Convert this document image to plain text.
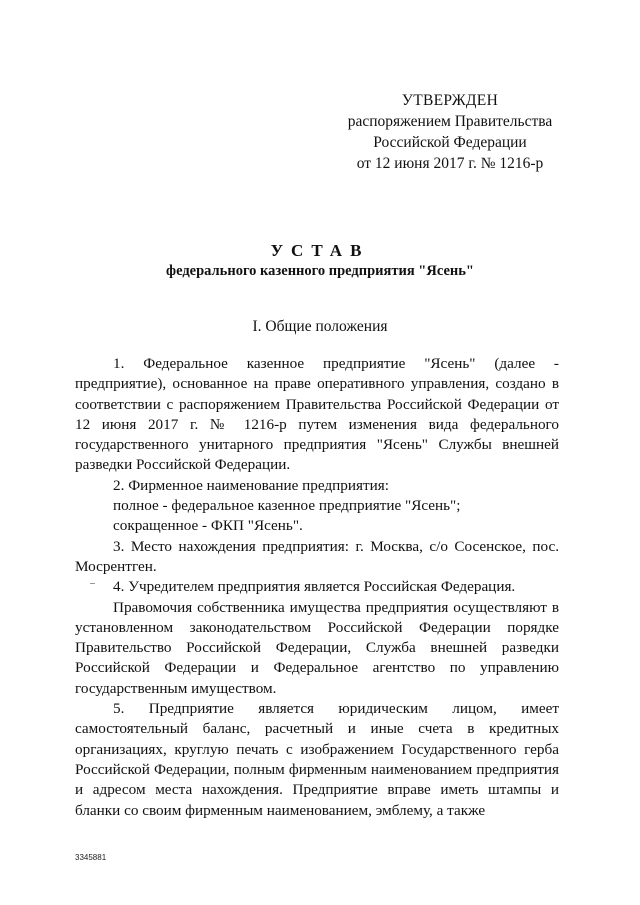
УТВЕРЖДЕН
распоряжением Правительства
Российской Федерации
от 12 июня 2017 г. № 1216-р
УСТАВ
федерального казенного предприятия "Ясень"
I. Общие положения

1. Федеральное казенное предприятие "Ясень" (далее - предприятие), основанное на праве оперативного управления, создано в соответствии с распоряжением Правительства Российской Федерации от 12 июня 2017 г. № 1216-р путем изменения вида федерального государственного унитарного предприятия "Ясень" Службы внешней разведки Российской Федерации.

2. Фирменное наименование предприятия:

полное - федеральное казенное предприятие "Ясень";

сокращенное - ФКП "Ясень".

3. Место нахождения предприятия: г. Москва, с/о Сосенское, пос. Мосрентген.

4. Учредителем предприятия является Российская Федерация.

Правомочия собственника имущества предприятия осуществляют в установленном законодательством Российской Федерации порядке Правительство Российской Федерации, Служба внешней разведки Российской Федерации и Федеральное агентство по управлению государственным имуществом.

5. Предприятие является юридическим лицом, имеет самостоятельный баланс, расчетный и иные счета в кредитных организациях, круглую печать с изображением Государственного герба Российской Федерации, полным фирменным наименованием предприятия и адресом места нахождения. Предприятие вправе иметь штампы и бланки со своим фирменным наименованием, эмблему, а также

3345881
